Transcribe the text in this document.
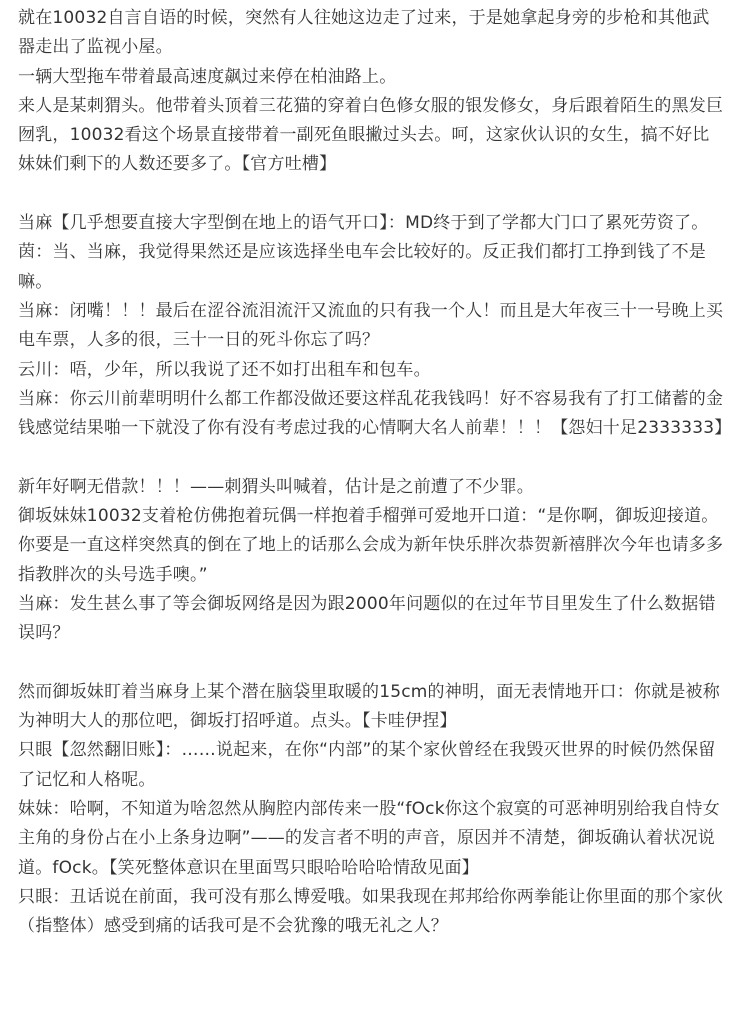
就在10032自言自语的时候，突然有人往她这边走了过来，于是她拿起身旁的步枪和其他武器走出了监视小屋。

一辆大型拖车带着最高速度飙过来停在柏油路上。

来人是某刺猬头。他带着头顶着三花猫的穿着白色修女服的银发修女，身后跟着陌生的黑发巨囫乳，10032看这个场景直接带着一副死鱼眼撇过头去。呵，这家伙认识的女生，搞不好比妹妹们剩下的人数还要多了。【官方吐槽】

当麻【几乎想要直接大字型倒在地上的语气开口】：MD终于到了学都大门口了累死劳资了。

茵：当、当麻，我觉得果然还是应该选择坐电车会比较好的。反正我们都打工挣到钱了不是嘛。

当麻：闭嘴！！！最后在涩谷流泪流汗又流血的只有我一个人！而且是大年夜三十一号晚上买电车票，人多的很，三十一日的死斗你忘了吗？

云川：唔，少年，所以我说了还不如打出租车和包车。

当麻：你云川前辈明明什么都工作都没做还要这样乱花我钱吗！好不容易我有了打工储蓄的金钱感觉结果啪一下就没了你有没有考虑过我的心情啊大名人前辈！！！【怨妇十足2333333】

新年好啊无借款！！！——刺猬头叫喊着，估计是之前遭了不少罪。

御坂妹妹10032支着枪仿佛抱着玩偶一样抱着手榴弹可爱地开口道：“是你啊，御坂迎接道。你要是一直这样突然真的倒在了地上的话那么会成为新年快乐胖次恭贺新禧胖次今年也请多多指教胖次的头号选手噢。”

当麻：发生甚么事了等会御坂网络是因为跟2000年问题似的在过年节目里发生了什么数据错误吗？

然而御坂妹盯着当麻身上某个潜在脑袋里取暖的15cm的神明，面无表情地开口：你就是被称为神明大人的那位吧，御坂打招呼道。点头。【卡哇伊捏】

只眼【忽然翻旧账】：……说起来，在你“内部”的某个家伙曾经在我毁灭世界的时候仍然保留了记忆和人格呢。

妹妹：哈啊，不知道为啥忽然从胸腔内部传来一股“fOck你这个寂寞的可恶神明别给我自恃女主角的身份占在小上条身边啊”——的发言者不明的声音，原因并不清楚，御坂确认着状况说道。fOck。【笑死整体意识在里面骂只眼哈哈哈哈情敌见面】

只眼：丑话说在前面，我可没有那么博爱哦。如果我现在邦邦给你两拳能让你里面的那个家伙（指整体）感受到痛的话我可是不会犹豫的哦无礼之人？
